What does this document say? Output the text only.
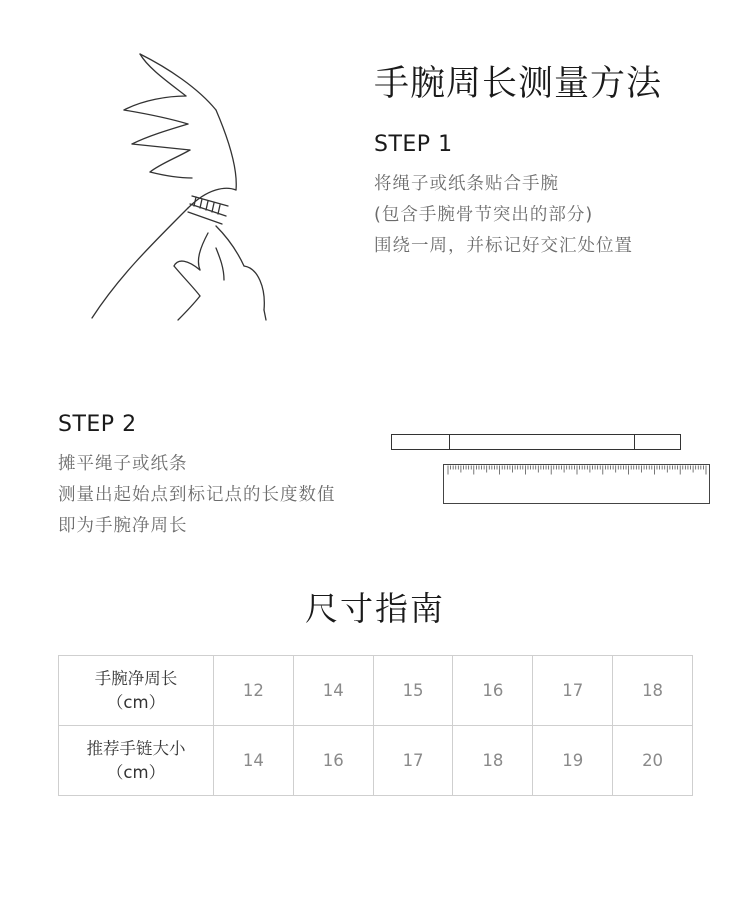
手腕周长测量方法
STEP 1

将绳子或纸条贴合手腕

(包含手腕骨节突出的部分)

围绕一周，并标记好交汇处位置

STEP 2

摊平绳子或纸条

测量出起始点到标记点的长度数值

即为手腕净周长

尺寸指南
手腕净周长
（cm）	12	14	15	16	17	18

推荐手链大小
（cm）	14	16	17	18	19	20
